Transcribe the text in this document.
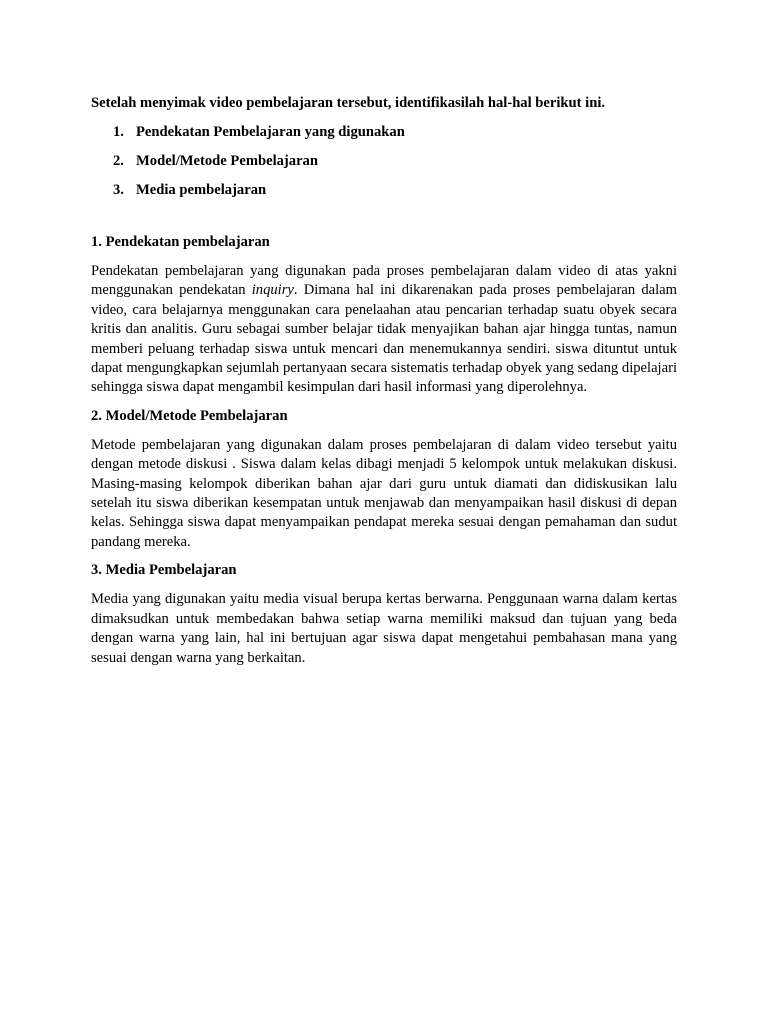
Setelah menyimak video pembelajaran tersebut, identifikasilah hal-hal berikut ini.

1. Pendekatan Pembelajaran yang digunakan
2. Model/Metode Pembelajaran
3. Media pembelajaran
1. Pendekatan pembelajaran

Pendekatan pembelajaran yang digunakan pada proses pembelajaran dalam video di atas yakni menggunakan pendekatan inquiry. Dimana hal ini dikarenakan pada proses pembelajaran dalam video, cara belajarnya menggunakan cara penelaahan atau pencarian terhadap suatu obyek secara kritis dan analitis. Guru sebagai sumber belajar tidak menyajikan bahan ajar hingga tuntas, namun memberi peluang terhadap siswa untuk mencari dan menemukannya sendiri. siswa dituntut untuk dapat mengungkapkan sejumlah pertanyaan secara sistematis terhadap obyek yang sedang dipelajari sehingga siswa dapat mengambil kesimpulan dari hasil informasi yang diperolehnya.

2. Model/Metode Pembelajaran

Metode pembelajaran yang digunakan dalam proses pembelajaran di dalam video tersebut yaitu dengan metode diskusi . Siswa dalam kelas dibagi menjadi 5 kelompok untuk melakukan diskusi. Masing-masing kelompok diberikan bahan ajar dari guru untuk diamati dan didiskusikan lalu setelah itu siswa diberikan kesempatan untuk menjawab dan menyampaikan hasil diskusi di depan kelas. Sehingga siswa dapat menyampaikan pendapat mereka sesuai dengan pemahaman dan sudut pandang mereka.

3. Media Pembelajaran

Media yang digunakan yaitu media visual berupa kertas berwarna. Penggunaan warna dalam kertas dimaksudkan untuk membedakan bahwa setiap warna memiliki maksud dan tujuan yang beda dengan warna yang lain, hal ini bertujuan agar siswa dapat mengetahui pembahasan mana yang sesuai dengan warna yang berkaitan.
